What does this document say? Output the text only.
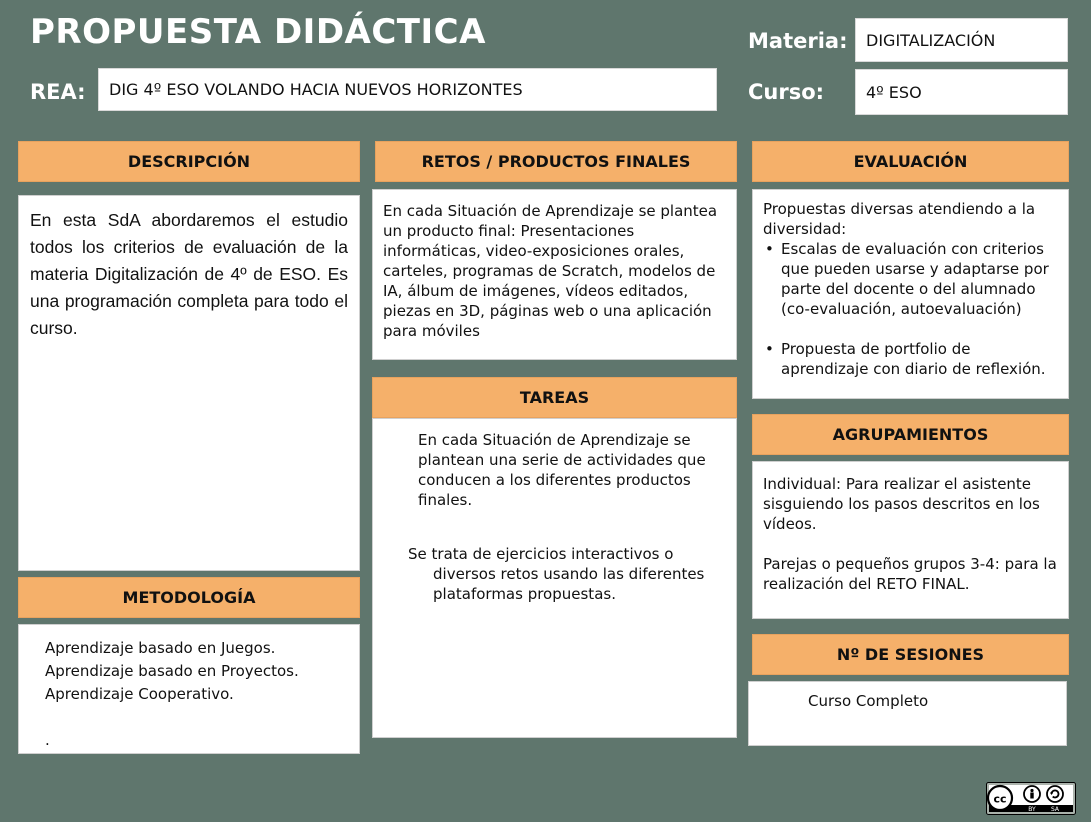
PROPUESTA DIDÁCTICA
REA:	DIG 4º ESO VOLANDO HACIA NUEVOS HORIZONTES
Materia:	DIGITALIZACIÓN
Curso:	4º ESO
DESCRIPCIÓN
En esta SdA abordaremos el estudio todos los criterios de evaluación de la materia Digitalización de 4º de ESO. Es una programación completa para todo el curso.
METODOLOGÍA
Aprendizaje basado en Juegos.
Aprendizaje basado en Proyectos.
Aprendizaje Cooperativo.
.
RETOS / PRODUCTOS FINALES
En cada Situación de Aprendizaje se plantea un producto final: Presentaciones informáticas, video-exposiciones orales, carteles, programas de Scratch, modelos de IA, álbum de imágenes, vídeos editados, piezas en 3D, páginas web o una aplicación para móviles
TAREAS
En cada Situación de Aprendizaje se plantean una serie de actividades que conducen a los diferentes productos finales.
Se trata de ejercicios interactivos o
diversos retos usando las diferentes plataformas propuestas.
EVALUACIÓN
Propuestas diversas atendiendo a la diversidad:
• Escalas de evaluación con criterios que pueden usarse y adaptarse por parte del docente o del alumnado (co-evaluación, autoevaluación)
• Propuesta de portfolio de aprendizaje con diario de reflexión.
AGRUPAMIENTOS
Individual: Para realizar el asistente sisguiendo los pasos descritos en los vídeos.
Parejas o pequeños grupos 3-4: para la realización del RETO FINAL.
Nº DE SESIONES
Curso Completo
cc
BY	SA
